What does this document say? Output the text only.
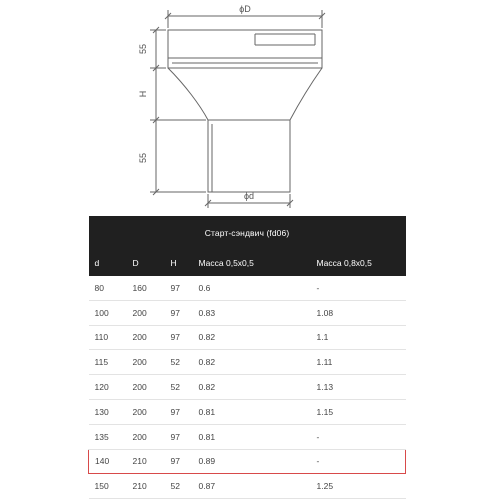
ϕD
ϕd
55
H
55
Старт-сэндвич (fd06)				
d	D	H	Масса 0,5x0,5	Масса 0,8x0,5
80	160	97	0.6	-
100	200	97	0.83	1.08
110	200	97	0.82	1.1
115	200	52	0.82	1.11
120	200	52	0.82	1.13
130	200	97	0.81	1.15
135	200	97	0.81	-
140	210	97	0.89	-
150	210	52	0.87	1.25
